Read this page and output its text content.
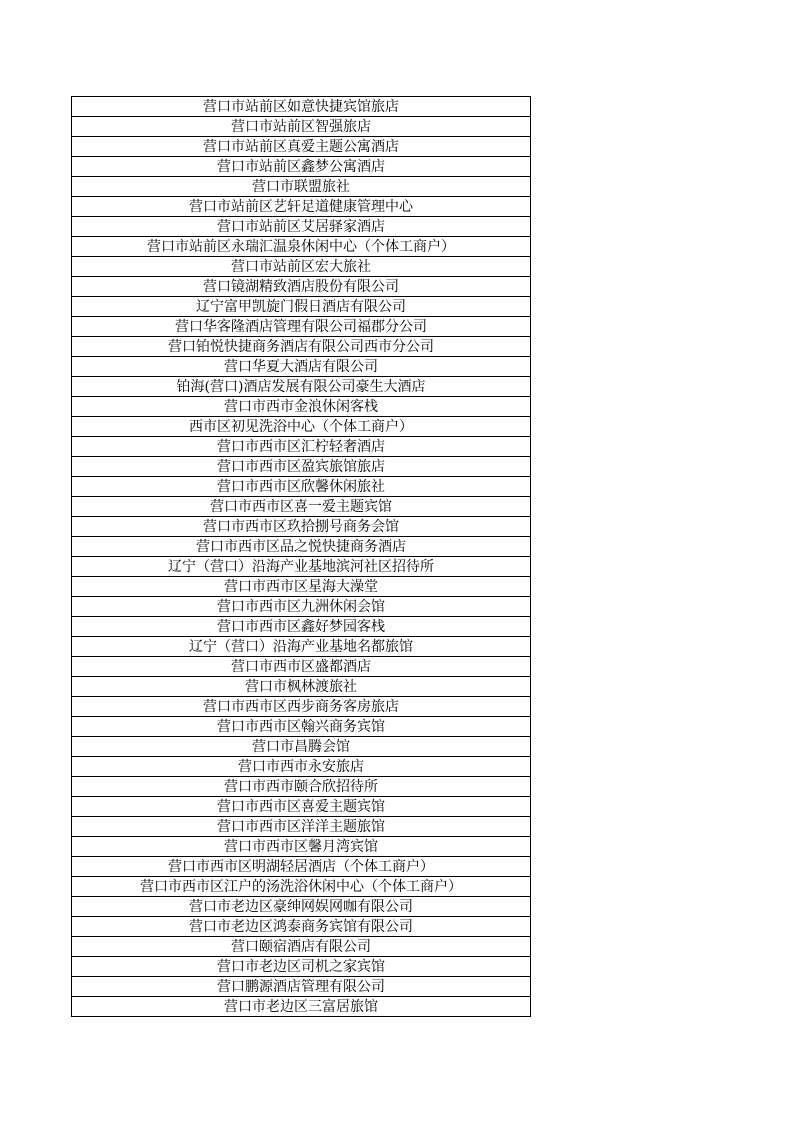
营口市站前区如意快捷宾馆旅店
营口市站前区智强旅店
营口市站前区真爱主题公寓酒店
营口市站前区鑫梦公寓酒店
营口市联盟旅社
营口市站前区艺轩足道健康管理中心
营口市站前区艾居驿家酒店
营口市站前区永瑞汇温泉休闲中心（个体工商户）
营口市站前区宏大旅社
营口镜湖精致酒店股份有限公司
辽宁富甲凯旋门假日酒店有限公司
营口华客隆酒店管理有限公司福郡分公司
营口铂悦快捷商务酒店有限公司西市分公司
营口华夏大酒店有限公司
铂海(营口)酒店发展有限公司豪生大酒店
营口市西市金浪休闲客栈
西市区初见洗浴中心（个体工商户）
营口市西市区汇柠轻奢酒店
营口市西市区盈宾旅馆旅店
营口市西市区欣馨休闲旅社
营口市西市区喜一爱主题宾馆
营口市西市区玖拾捌号商务会馆
营口市西市区品之悦快捷商务酒店
辽宁（营口）沿海产业基地滨河社区招待所
营口市西市区星海大澡堂
营口市西市区九洲休闲会馆
营口市西市区鑫好梦园客栈
辽宁（营口）沿海产业基地名都旅馆
营口市西市区盛都酒店
营口市枫林渡旅社
营口市西市区西步商务客房旅店
营口市西市区翰兴商务宾馆
营口市昌腾会馆
营口市西市永安旅店
营口市西市颐合欣招待所
营口市西市区喜爱主题宾馆
营口市西市区洋洋主题旅馆
营口市西市区馨月湾宾馆
营口市西市区明湖轻居酒店（个体工商户）
营口市西市区江户的汤洗浴休闲中心（个体工商户）
营口市老边区豪绅网娱网咖有限公司
营口市老边区鸿泰商务宾馆有限公司
营口颐宿酒店有限公司
营口市老边区司机之家宾馆
营口鹏源酒店管理有限公司
营口市老边区三富居旅馆
